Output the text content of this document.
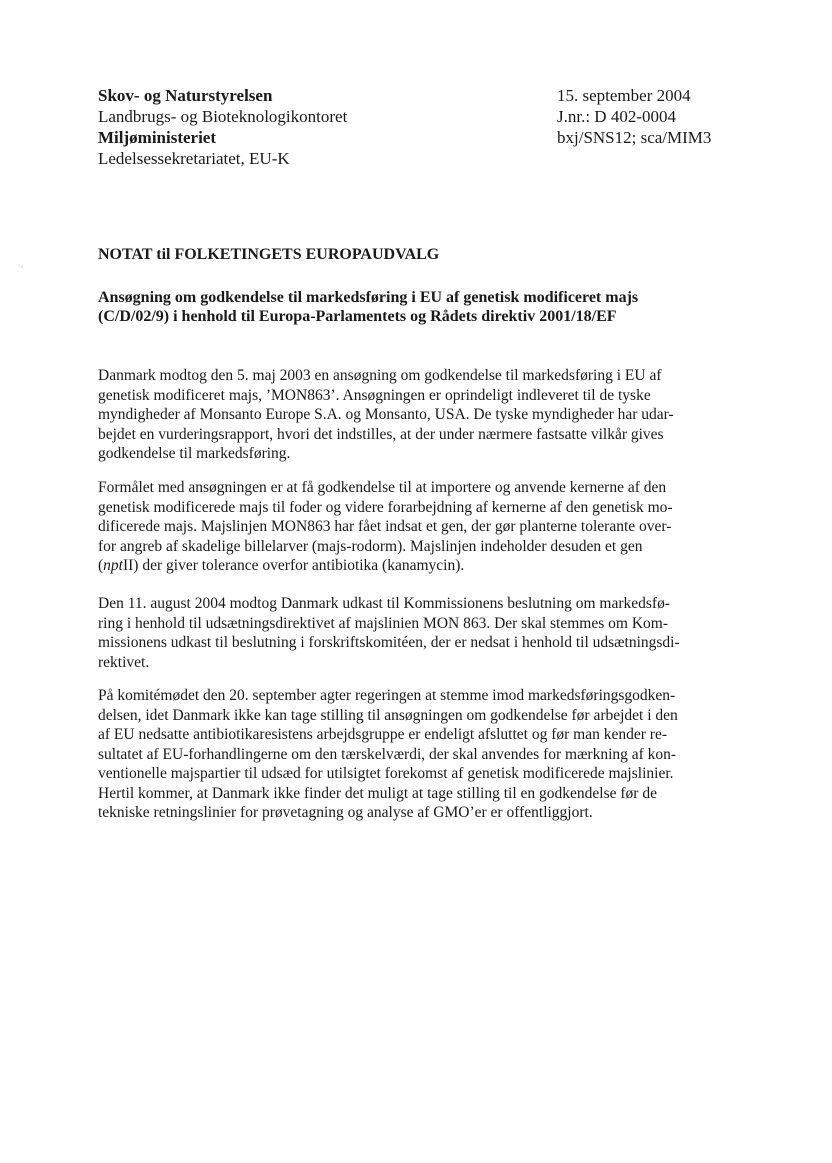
Skov- og Naturstyrelsen
Landbrugs- og Bioteknologikontoret
Miljøministeriet
Ledelsessekretariatet, EU-K
15. september 2004
J.nr.: D 402-0004
bxj/SNS12; sca/MIM3
·‑
NOTAT til FOLKETINGETS EUROPAUDVALG
Ansøgning om godkendelse til markedsføring i EU af genetisk modificeret majs
(C/D/02/9) i henhold til Europa-Parlamentets og Rådets direktiv 2001/18/EF
Danmark modtog den 5. maj 2003 en ansøgning om godkendelse til markedsføring i EU af
genetisk modificeret majs, ’MON863’. Ansøgningen er oprindeligt indleveret til de tyske
myndigheder af Monsanto Europe S.A. og Monsanto, USA. De tyske myndigheder har udar-
bejdet en vurderingsrapport, hvori det indstilles, at der under nærmere fastsatte vilkår gives
godkendelse til markedsføring.
Formålet med ansøgningen er at få godkendelse til at importere og anvende kernerne af den
genetisk modificerede majs til foder og videre forarbejdning af kernerne af den genetisk mo-
dificerede majs. Majslinjen MON863 har fået indsat et gen, der gør planterne tolerante over-
for angreb af skadelige billelarver (majs-rodorm). Majslinjen indeholder desuden et gen
(nptII) der giver tolerance overfor antibiotika (kanamycin).
Den 11. august 2004 modtog Danmark udkast til Kommissionens beslutning om markedsfø-
ring i henhold til udsætningsdirektivet af majslinien MON 863. Der skal stemmes om Kom-
missionens udkast til beslutning i forskriftskomitéen, der er nedsat i henhold til udsætningsdi-
rektivet.
På komitémødet den 20. september agter regeringen at stemme imod markedsføringsgodken-
delsen, idet Danmark ikke kan tage stilling til ansøgningen om godkendelse før arbejdet i den
af EU nedsatte antibiotikaresistens arbejdsgruppe er endeligt afsluttet og før man kender re-
sultatet af EU-forhandlingerne om den tærskelværdi, der skal anvendes for mærkning af kon-
ventionelle majspartier til udsæd for utilsigtet forekomst af genetisk modificerede majslinier.
Hertil kommer, at Danmark ikke finder det muligt at tage stilling til en godkendelse før de
tekniske retningslinier for prøvetagning og analyse af GMO’er er offentliggjort.
